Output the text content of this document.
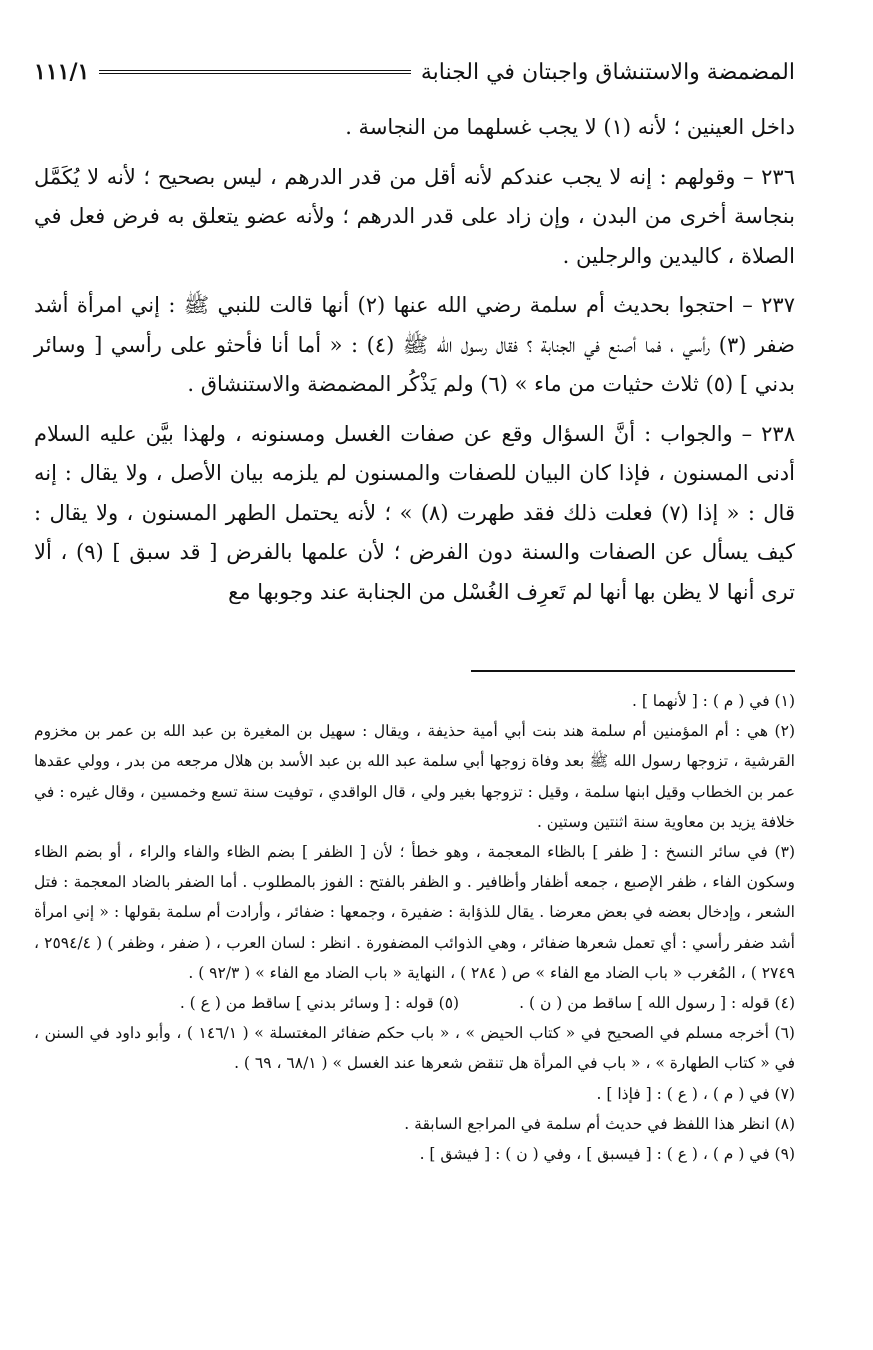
المضمضة والاستنشاق واجبتان في الجنابة
١١١/١

داخل العينين ؛ لأنه (١) لا يجب غسلهما من النجاسة .

٢٣٦ – وقولهم : إنه لا يجب عندكم لأنه أقل من قدر الدرهم ، ليس بصحيح ؛ لأنه لا يُكَمَّل بنجاسة أخرى من البدن ، وإن زاد على قدر الدرهم ؛ ولأنه عضو يتعلق به فرض فعل في الصلاة ، كاليدين والرجلين .

٢٣٧ – احتجوا بحديث أم سلمة رضي الله عنها (٢) أنها قالت للنبي ﷺ : إني امرأة أشد ضفر (٣) رأسي ، فما أصنع في الجنابة ؟ فقال رسول الله ﷺ (٤) : « أما أنا فأحثو على رأسي [ وسائر بدني ] (٥) ثلاث حثيات من ماء » (٦) ولم يَذْكُر المضمضة والاستنشاق .

٢٣٨ – والجواب : أنَّ السؤال وقع عن صفات الغسل ومسنونه ، ولهذا بيَّن عليه السلام أدنى المسنون ، فإذا كان البيان للصفات والمسنون لم يلزمه بيان الأصل ، ولا يقال : إنه قال : « إذا (٧) فعلت ذلك فقد طهرت (٨) » ؛ لأنه يحتمل الطهر المسنون ، ولا يقال : كيف يسأل عن الصفات والسنة دون الفرض ؛ لأن علمها بالفرض [ قد سبق ] (٩) ، ألا ترى أنها لا يظن بها أنها لم تَعرِف الغُسْل من الجنابة عند وجوبها مع

(١) في ( م ) : [ لأنهما ] .

(٢) هي : أم المؤمنين أم سلمة هند بنت أبي أمية حذيفة ، ويقال : سهيل بن المغيرة بن عبد الله بن عمر بن مخزوم القرشية ، تزوجها رسول الله ﷺ بعد وفاة زوجها أبي سلمة عبد الله بن عبد الأسد بن هلال مرجعه من بدر ، وولي عقدها عمر بن الخطاب وقيل ابنها سلمة ، وقيل : تزوجها بغير ولي ، قال الواقدي ، توفيت سنة تسع وخمسين ، وقال غيره : في خلافة يزيد بن معاوية سنة اثنتين وستين .

(٣) في سائر النسخ : [ ظفر ] بالظاء المعجمة ، وهو خطأ ؛ لأن [ الظفر ] بضم الظاء والفاء والراء ، أو بضم الظاء وسكون الفاء ، ظفر الإصبع ، جمعه أظفار وأظافير . و الظفر بالفتح : الفوز بالمطلوب . أما الضفر بالضاد المعجمة : فتل الشعر ، وإدخال بعضه في بعض معرضا . يقال للذؤابة : ضفيرة ، وجمعها : ضفائر ، وأرادت أم سلمة بقولها : « إني امرأة أشد ضفر رأسي : أي تعمل شعرها ضفائر ، وهي الذوائب المضفورة . انظر : لسان العرب ، ( ضفر ، وظفر ) ( ٢٥٩٤/٤ ، ٢٧٤٩ ) ، المُغرب « باب الضاد مع الفاء » ص ( ٢٨٤ ) ، النهاية « باب الضاد مع الفاء » ( ٩٢/٣ ) .

(٤) قوله : [ رسول الله ] ساقط من ( ن ) .
(٥) قوله : [ وسائر بدني ] ساقط من ( ع ) .

(٦) أخرجه مسلم في الصحيح في « كتاب الحيض » ، « باب حكم ضفائر المغتسلة » ( ١٤٦/١ ) ، وأبو داود في السنن ، في « كتاب الطهارة » ، « باب في المرأة هل تنقض شعرها عند الغسل » ( ٦٨/١ ، ٦٩ ) .

(٧) في ( م ) ، ( ع ) : [ فإذا ] .

(٨) انظر هذا اللفظ في حديث أم سلمة في المراجع السابقة .

(٩) في ( م ) ، ( ع ) : [ فيسبق ] ، وفي ( ن ) : [ فيشق ] .
